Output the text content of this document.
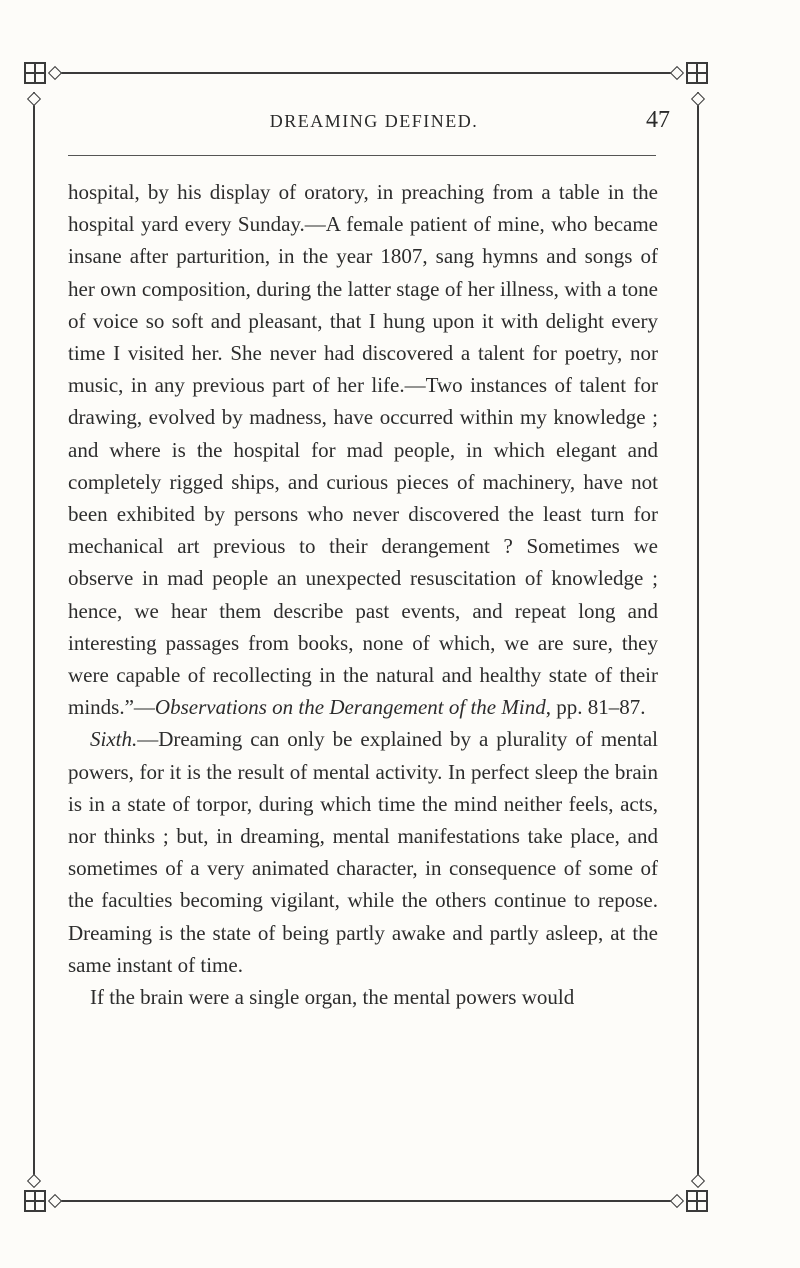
DREAMING DEFINED.	47

hospital, by his display of oratory, in preaching from a table in the hospital yard every Sunday.—A female patient of mine, who became insane after parturition, in the year 1807, sang hymns and songs of her own composition, during the latter stage of her illness, with a tone of voice so soft and pleasant, that I hung upon it with delight every time I visited her. She never had discovered a talent for poetry, nor music, in any previous part of her life.—Two instances of talent for drawing, evolved by madness, have occurred within my knowledge ; and where is the hospital for mad people, in which elegant and completely rigged ships, and curious pieces of machinery, have not been exhibited by persons who never discovered the least turn for mechanical art previous to their derangement ? Sometimes we observe in mad people an unexpected resuscitation of knowledge ; hence, we hear them describe past events, and repeat long and interesting passages from books, none of which, we are sure, they were capable of recollecting in the natural and healthy state of their minds.”—Observations on the Derangement of the Mind, pp. 81–87.

Sixth.—Dreaming can only be explained by a plurality of mental powers, for it is the result of mental activity. In perfect sleep the brain is in a state of torpor, during which time the mind neither feels, acts, nor thinks ; but, in dreaming, mental manifestations take place, and sometimes of a very animated character, in consequence of some of the faculties becoming vigilant, while the others continue to repose. Dreaming is the state of being partly awake and partly asleep, at the same instant of time.

If the brain were a single organ, the mental powers would
